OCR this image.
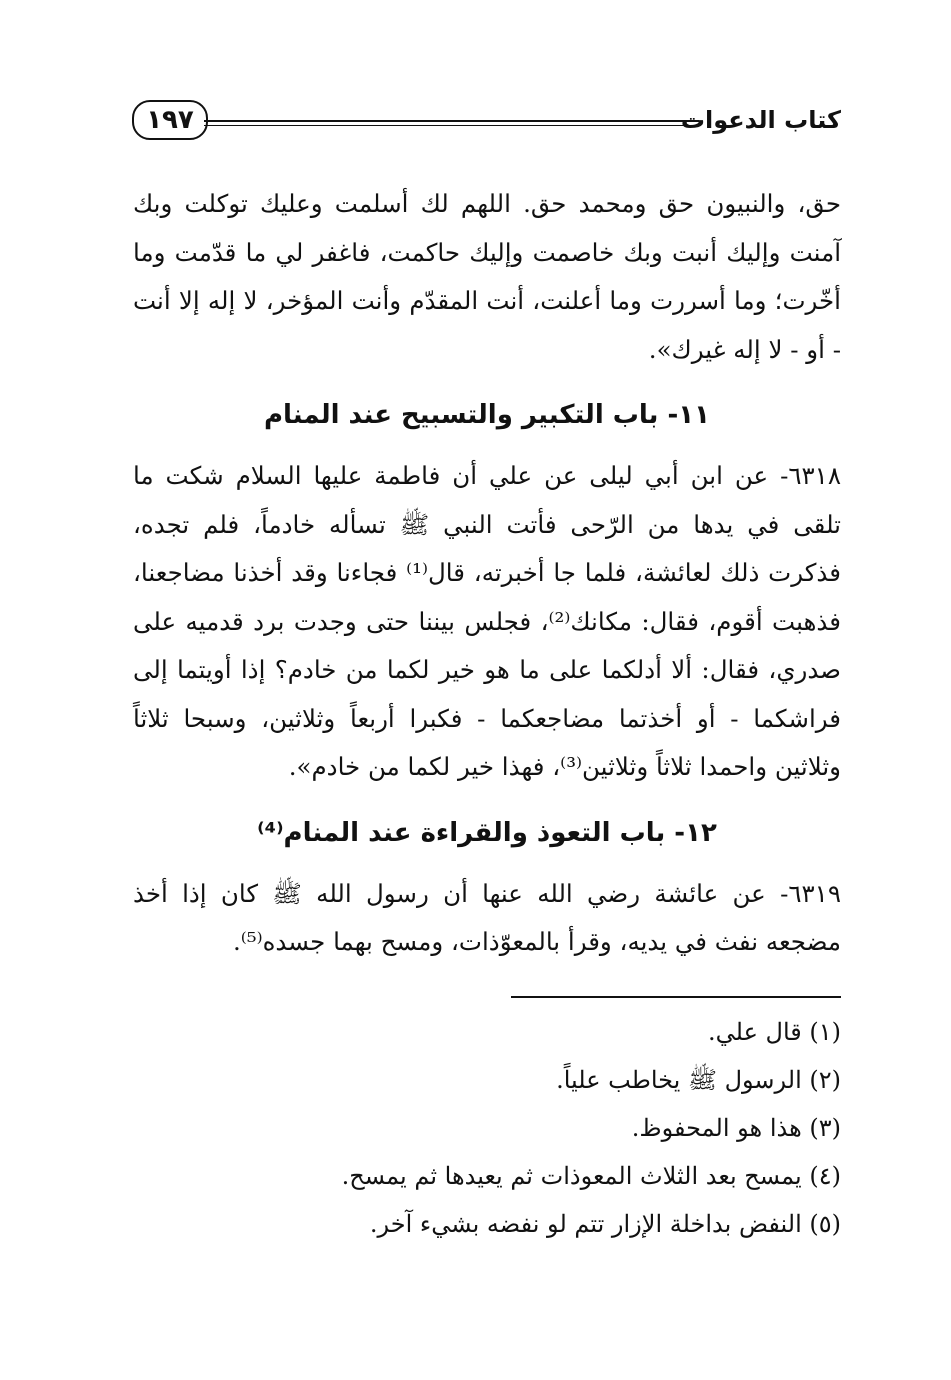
كتاب الدعوات
١٩٧

حق، والنبيون حق ومحمد حق. اللهم لك أسلمت وعليك توكلت وبك آمنت وإليك أنبت وبك خاصمت وإليك حاكمت، فاغفر لي ما قدّمت وما أخّرت؛ وما أسررت وما أعلنت، أنت المقدّم وأنت المؤخر، لا إله إلا أنت - أو - لا إله غيرك».

١١- باب التكبير والتسبيح عند المنام

٦٣١٨- عن ابن أبي ليلى عن علي أن فاطمة عليها السلام شكت ما تلقى في يدها من الرّحى فأتت النبي ﷺ تسأله خادماً، فلم تجده، فذكرت ذلك لعائشة، فلما جا أخبرته، قال⁽¹⁾ فجاءنا وقد أخذنا مضاجعنا، فذهبت أقوم، فقال: مكانك⁽²⁾، فجلس بيننا حتى وجدت برد قدميه على صدري، فقال: ألا أدلكما على ما هو خير لكما من خادم؟ إذا أويتما إلى فراشكما - أو أخذتما مضاجعكما - فكبرا أربعاً وثلاثين، وسبحا ثلاثاً وثلاثين واحمدا ثلاثاً وثلاثين⁽³⁾، فهذا خير لكما من خادم».

١٢- باب التعوذ والقراءة عند المنام⁽⁴⁾

٦٣١٩- عن عائشة رضي الله عنها أن رسول الله ﷺ كان إذا أخذ مضجعه نفث في يديه، وقرأ بالمعوّذات، ومسح بهما جسده⁽⁵⁾.

(١) قال علي.
(٢) الرسول ﷺ يخاطب علياً.
(٣) هذا هو المحفوظ.
(٤) يمسح بعد الثلاث المعوذات ثم يعيدها ثم يمسح.
(٥) النفض بداخلة الإزار تتم لو نفضه بشيء آخر.
